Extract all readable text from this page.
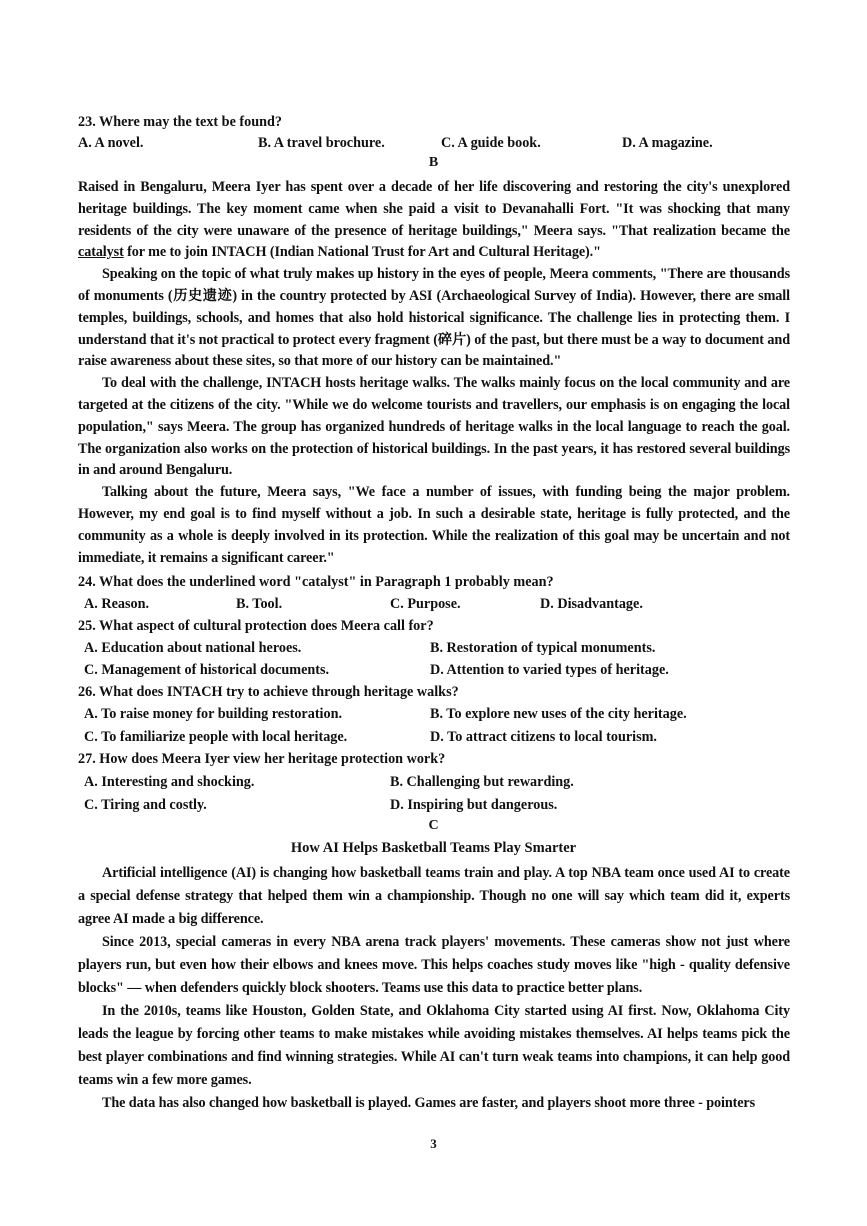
23. Where may the text be found?
A. A novel.	B. A travel brochure.	C. A guide book.	D. A magazine.
B

Raised in Bengaluru, Meera Iyer has spent over a decade of her life discovering and restoring the city's unexplored heritage buildings. The key moment came when she paid a visit to Devanahalli Fort. "It was shocking that many residents of the city were unaware of the presence of heritage buildings," Meera says. "That realization became the catalyst for me to join INTACH (Indian National Trust for Art and Cultural Heritage)."

Speaking on the topic of what truly makes up history in the eyes of people, Meera comments, "There are thousands of monuments (历史遗迹) in the country protected by ASI (Archaeological Survey of India). However, there are small temples, buildings, schools, and homes that also hold historical significance. The challenge lies in protecting them. I understand that it's not practical to protect every fragment (碎片) of the past, but there must be a way to document and raise awareness about these sites, so that more of our history can be maintained."

To deal with the challenge, INTACH hosts heritage walks. The walks mainly focus on the local community and are targeted at the citizens of the city. "While we do welcome tourists and travellers, our emphasis is on engaging the local population," says Meera. The group has organized hundreds of heritage walks in the local language to reach the goal. The organization also works on the protection of historical buildings. In the past years, it has restored several buildings in and around Bengaluru.

Talking about the future, Meera says, "We face a number of issues, with funding being the major problem. However, my end goal is to find myself without a job. In such a desirable state, heritage is fully protected, and the community as a whole is deeply involved in its protection. While the realization of this goal may be uncertain and not immediate, it remains a significant career."

24. What does the underlined word "catalyst" in Paragraph 1 probably mean?
A. Reason.	B. Tool.	C. Purpose.	D. Disadvantage.
25. What aspect of cultural protection does Meera call for?
A. Education about national heroes.	B. Restoration of typical monuments.
C. Management of historical documents.	D. Attention to varied types of heritage.
26. What does INTACH try to achieve through heritage walks?
A. To raise money for building restoration.	B. To explore new uses of the city heritage.
C. To familiarize people with local heritage.	D. To attract citizens to local tourism.
27. How does Meera Iyer view her heritage protection work?
A. Interesting and shocking.	B. Challenging but rewarding.
C. Tiring and costly.	D. Inspiring but dangerous.
C
How AI Helps Basketball Teams Play Smarter

Artificial intelligence (AI) is changing how basketball teams train and play. A top NBA team once used AI to create a special defense strategy that helped them win a championship. Though no one will say which team did it, experts agree AI made a big difference.

Since 2013, special cameras in every NBA arena track players' movements. These cameras show not just where players run, but even how their elbows and knees move. This helps coaches study moves like "high - quality defensive blocks" — when defenders quickly block shooters. Teams use this data to practice better plans.

In the 2010s, teams like Houston, Golden State, and Oklahoma City started using AI first. Now, Oklahoma City leads the league by forcing other teams to make mistakes while avoiding mistakes themselves. AI helps teams pick the best player combinations and find winning strategies. While AI can't turn weak teams into champions, it can help good teams win a few more games.

The data has also changed how basketball is played. Games are faster, and players shoot more three - pointers

3
